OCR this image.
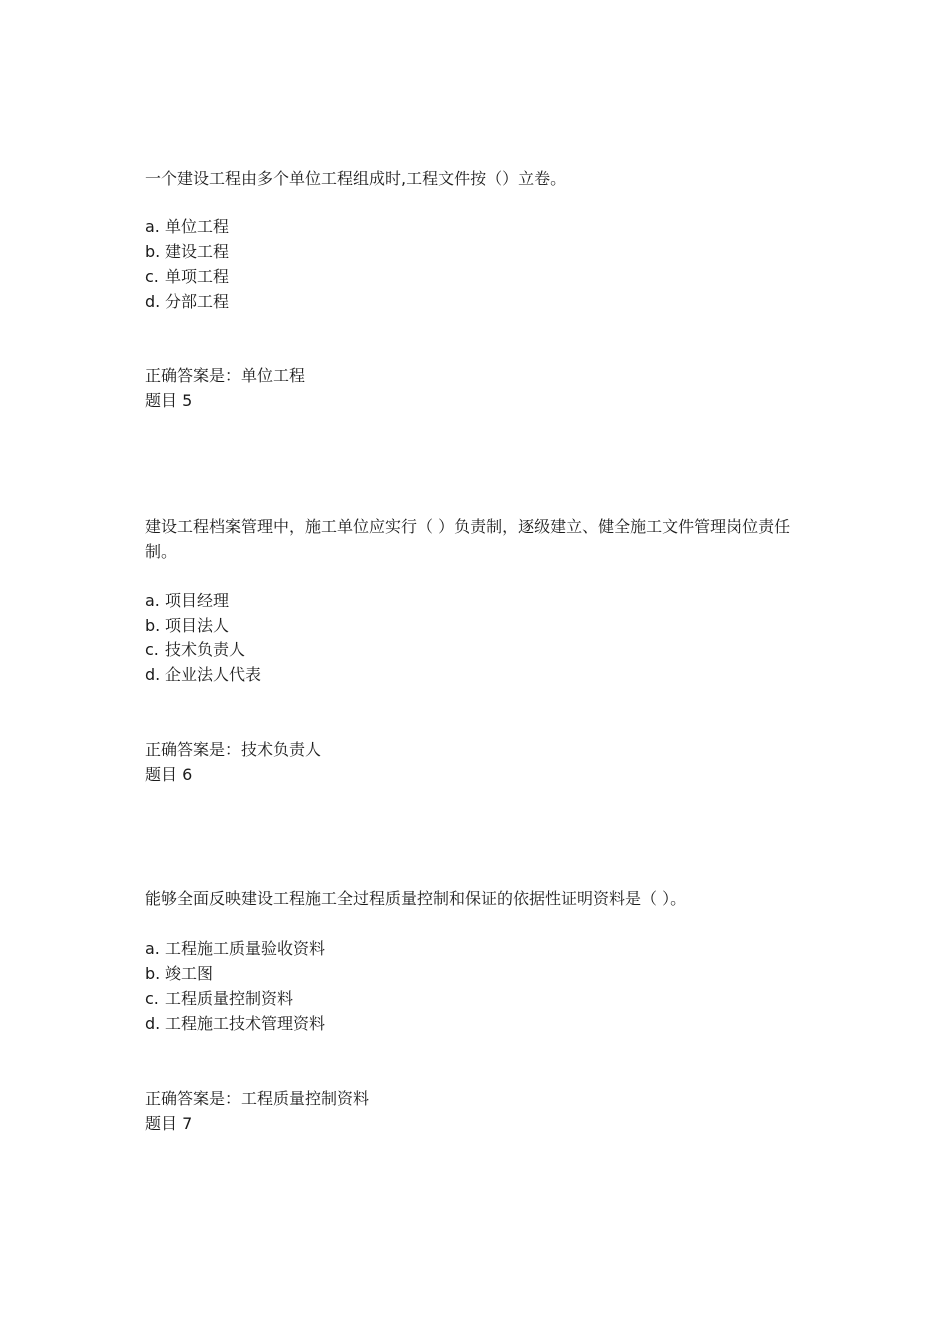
一个建设工程由多个单位工程组成时,工程文件按（）立卷。
a. 单位工程
b. 建设工程
c. 单项工程
d. 分部工程
正确答案是：单位工程
题目 5
建设工程档案管理中，施工单位应实行（ ）负责制，逐级建立、健全施工文件管理岗位责任制。
a. 项目经理
b. 项目法人
c. 技术负责人
d. 企业法人代表
正确答案是：技术负责人
题目 6
能够全面反映建设工程施工全过程质量控制和保证的依据性证明资料是（ ）。
a. 工程施工质量验收资料
b. 竣工图
c. 工程质量控制资料
d. 工程施工技术管理资料
正确答案是：工程质量控制资料
题目 7
